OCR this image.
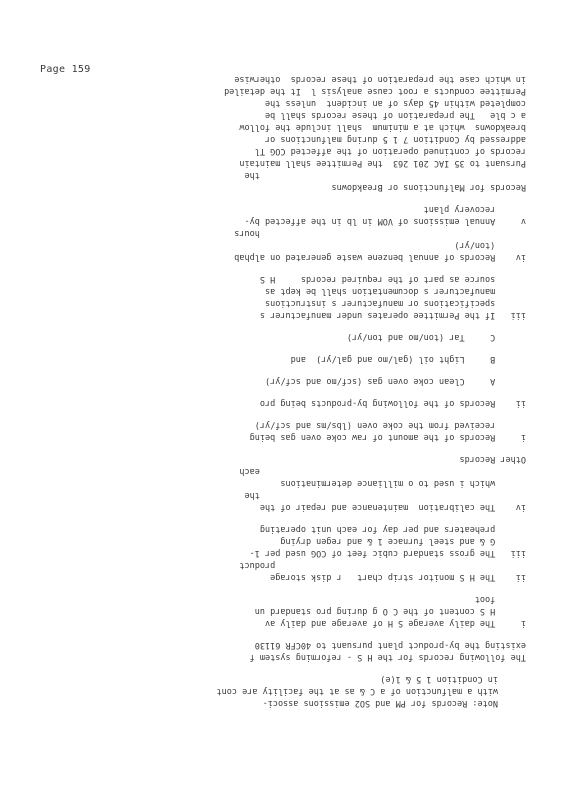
Page 159
Note: Records for PM and SO2 emissions associ-
with a malfunction of a C & as at the facility are cont
in Condition 1 5 & 1(e)
The following records for the H S - reforming system f
existing the by-product plant pursuant to 40CFR 61130
i     The daily average S H of average and daily av
H S content of the C O g during pro standard un
foot
ii    The H S monitor strip chart   r disk storage
product
iii   The gross standard cubic feet of COG used per 1-
G & and steel furnace 1 & and regen drying
preheaters and per day for each unit operating
iv    The calibration  maintenance and repair of the
the
which i used to o milliance determinations
each
Other Records
i     Records of the amount of raw coke oven gas being
received from the coke oven (lbs/ms and scf/yr)
ii    Records of the following by-products being pro
A     Clean coke oven gas (scf/mo and scf/yr)
B     Light oil (gal/mo and gal/yr)  and
C     Tar (ton/mo and ton/yr)
iii   If the Permittee operates under manufacturer s
specifications or manufacturer s instructions
manufacturer s documentation shall be kept as
source as part of the required records     H S
iv    Records of annual benzene waste generated on alphab
(ton/yr)
hours
v     Annual emissions of VOM in lb in the affected by-
recovery plant
Records for Malfunctions or Breakdowns
the
Pursuant to 35 IAC 201 263  the Permittee shall maintain
records of continued operation of the affected COG Tl
addressed by Condition 7 1 5 during malfunctions or
breakdowns  which at a minimum  shall include the follow
a c ble   The preparation of these records shall be
completed within 45 days of an incident  unless the
Permittee conducts a root cause analysis l  It the detailed
in which case the preparation of these records  otherwise
